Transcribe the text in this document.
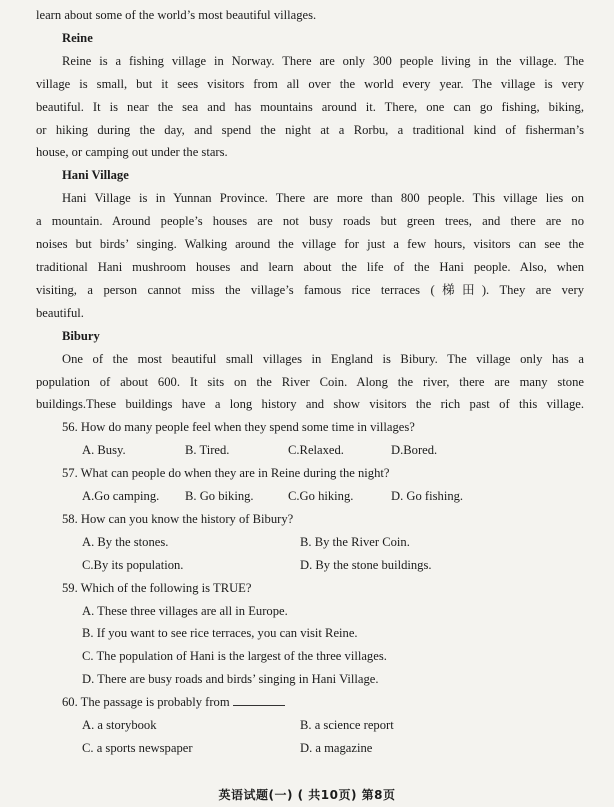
learn about some of the world’s most beautiful villages.
Reine
Reine is a fishing village in Norway. There are only 300 people living in the village. The
village is small, but it sees visitors from all over the world every year. The village is very
beautiful. It is near the sea and has mountains around it. There, one can go fishing, biking,
or hiking during the day, and spend the night at a Rorbu, a traditional kind of fisherman’s
house, or camping out under the stars.
Hani Village
Hani Village is in Yunnan Province. There are more than 800 people. This village lies on
a mountain. Around people’s houses are not busy roads but green trees, and there are no
noises but birds’ singing. Walking around the village for just a few hours, visitors can see the
traditional Hani mushroom houses and learn about the life of the Hani people. Also, when
visiting, a person cannot miss the village’s famous rice terraces (梯田). They are very
beautiful.
Bibury
One of the most beautiful small villages in England is Bibury. The village only has a
population of about 600. It sits on the River Coin. Along the river, there are many stone
buildings.These buildings have a long history and show visitors the rich past of this village.
56. How do many people feel when they spend some time in villages?
A. Busy.	B. Tired.	C.Relaxed.	D.Bored.
57. What can people do when they are in Reine during the night?
A.Go camping.	B. Go biking.	C.Go hiking.	D. Go fishing.
58. How can you know the history of Bibury?
A. By the stones.	B. By the River Coin.
C.By its population.	D. By the stone buildings.
59. Which of the following is TRUE?
A. These three villages are all in Europe.
B. If you want to see rice terraces, you can visit Reine.
C. The population of Hani is the largest of the three villages.
D. There are busy roads and birds’ singing in Hani Village.
60. The passage is probably from
A. a storybook	B. a science report
C. a sports newspaper	D. a magazine
英语试题(一) ( 共10页) 第8页
